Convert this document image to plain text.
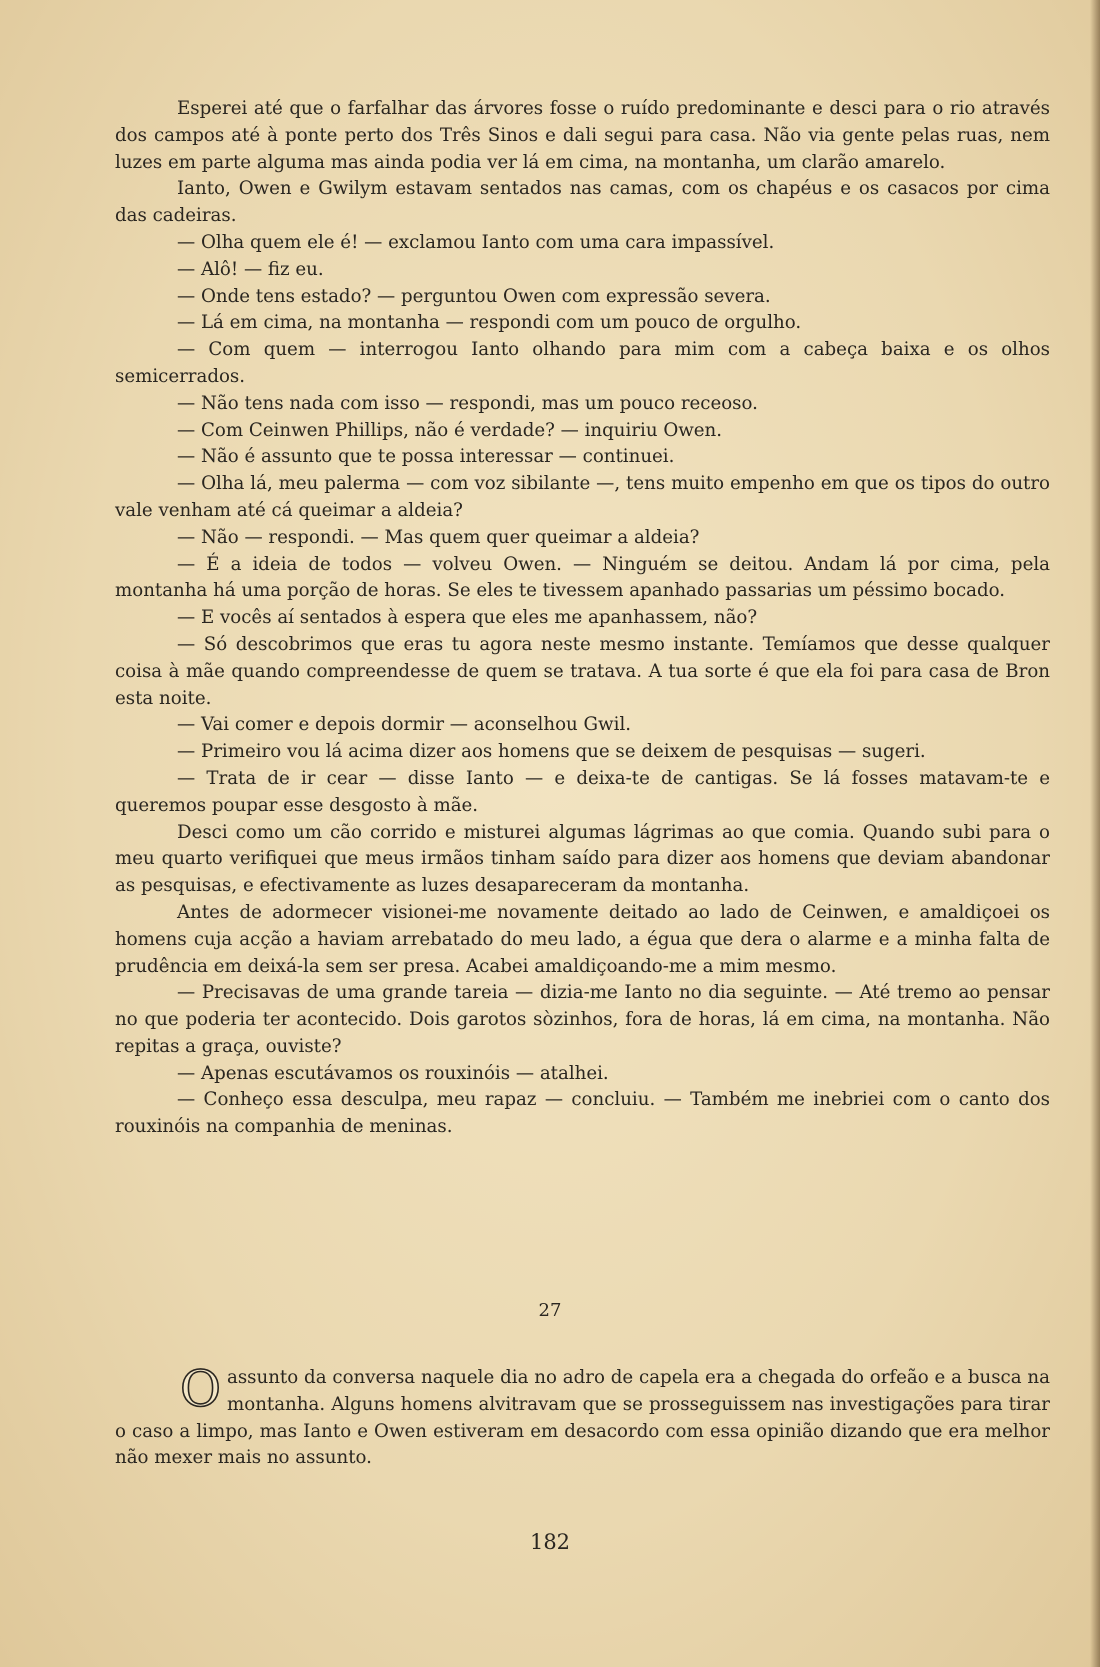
Esperei até que o farfalhar das árvores fosse o ruído predominante e desci para o rio através dos campos até à ponte perto dos Três Sinos e dali segui para casa. Não via gente pelas ruas, nem luzes em parte alguma mas ainda podia ver lá em cima, na montanha, um clarão amarelo.

Ianto, Owen e Gwilym estavam sentados nas camas, com os chapéus e os casacos por cima das cadeiras.

— Olha quem ele é! — exclamou Ianto com uma cara impassível.

— Alô! — fiz eu.

— Onde tens estado? — perguntou Owen com expressão severa.

— Lá em cima, na montanha — respondi com um pouco de orgulho.

— Com quem — interrogou Ianto olhando para mim com a cabeça baixa e os olhos semicerrados.

— Não tens nada com isso — respondi, mas um pouco receoso.

— Com Ceinwen Phillips, não é verdade? — inquiriu Owen.

— Não é assunto que te possa interessar — continuei.

— Olha lá, meu palerma — com voz sibilante —, tens muito empenho em que os tipos do outro vale venham até cá queimar a aldeia?

— Não — respondi. — Mas quem quer queimar a aldeia?

— É a ideia de todos — volveu Owen. — Ninguém se deitou. Andam lá por cima, pela montanha há uma porção de horas. Se eles te tivessem apanhado passarias um péssimo bocado.

— E vocês aí sentados à espera que eles me apanhassem, não?

— Só descobrimos que eras tu agora neste mesmo instante. Temíamos que desse qualquer coisa à mãe quando compreendesse de quem se tratava. A tua sorte é que ela foi para casa de Bron esta noite.

— Vai comer e depois dormir — aconselhou Gwil.

— Primeiro vou lá acima dizer aos homens que se deixem de pesquisas — sugeri.

— Trata de ir cear — disse Ianto — e deixa-te de cantigas. Se lá fosses matavam-te e queremos poupar esse desgosto à mãe.

Desci como um cão corrido e misturei algumas lágrimas ao que comia. Quando subi para o meu quarto verifiquei que meus irmãos tinham saído para dizer aos homens que deviam abandonar as pesquisas, e efectivamente as luzes desapareceram da montanha.

Antes de adormecer visionei-me novamente deitado ao lado de Ceinwen, e amaldiçoei os homens cuja acção a haviam arrebatado do meu lado, a égua que dera o alarme e a minha falta de prudência em deixá-la sem ser presa. Acabei amaldiçoando-me a mim mesmo.

— Precisavas de uma grande tareia — dizia-me Ianto no dia seguinte. — Até tremo ao pensar no que poderia ter acontecido. Dois garotos sòzinhos, fora de horas, lá em cima, na montanha. Não repitas a graça, ouviste?

— Apenas escutávamos os rouxinóis — atalhei.

— Conheço essa desculpa, meu rapaz — concluiu. — Também me inebriei com o canto dos rouxinóis na companhia de meninas.

27

Oassunto da conversa naquele dia no adro de capela era a chegada do orfeão e a busca na montanha. Alguns homens alvitravam que se prosseguissem nas investigações para tirar o caso a limpo, mas Ianto e Owen estiveram em desacordo com essa opinião dizando que era melhor não mexer mais no assunto.

182
